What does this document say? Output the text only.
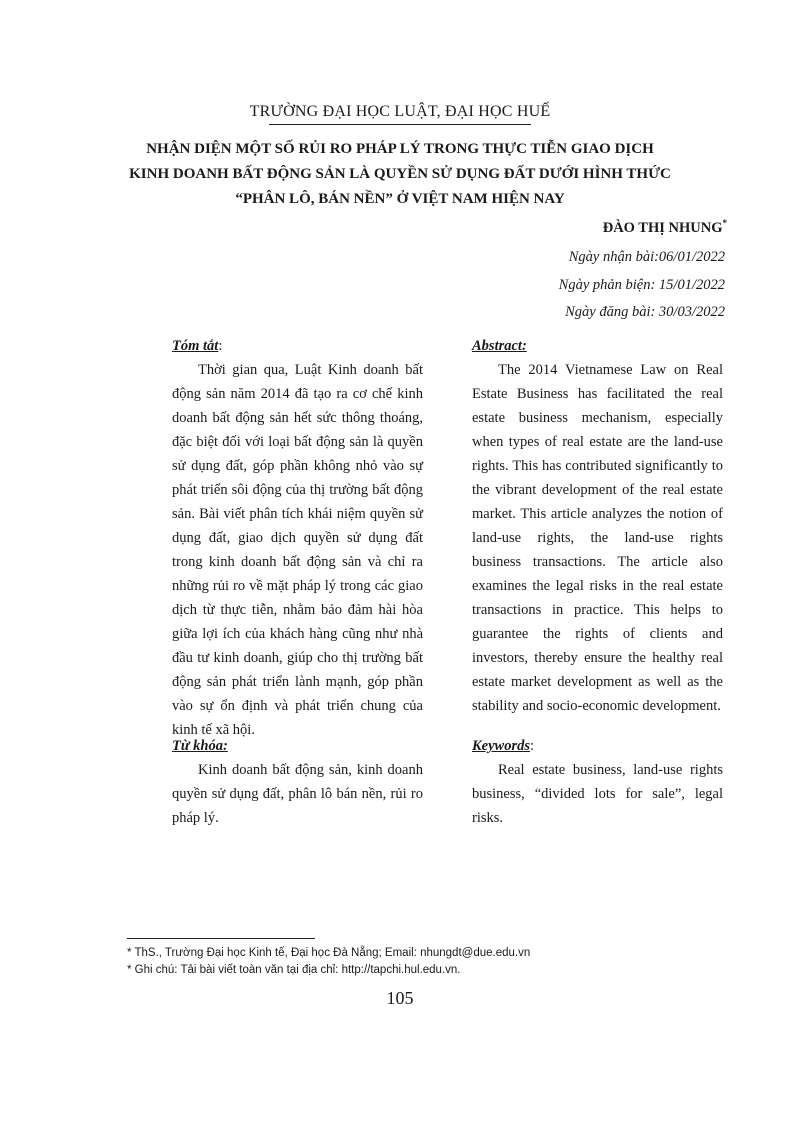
TRƯỜNG ĐẠI HỌC LUẬT, ĐẠI HỌC HUẾ
NHẬN DIỆN MỘT SỐ RỦI RO PHÁP LÝ TRONG THỰC TIỄN GIAO DỊCH
KINH DOANH BẤT ĐỘNG SẢN LÀ QUYỀN SỬ DỤNG ĐẤT DƯỚI HÌNH THỨC
“PHÂN LÔ, BÁN NỀN” Ở VIỆT NAM HIỆN NAY
ĐÀO THỊ NHUNG*
Ngày nhận bài:06/01/2022
Ngày phản biện: 15/01/2022
Ngày đăng bài: 30/03/2022
Tóm tắt:
Thời gian qua, Luật Kinh doanh bất động sản năm 2014 đã tạo ra cơ chế kinh doanh bất động sản hết sức thông thoáng, đặc biệt đối với loại bất động sản là quyền sử dụng đất, góp phần không nhỏ vào sự phát triển sôi động của thị trường bất động sản. Bài viết phân tích khái niệm quyền sử dụng đất, giao dịch quyền sử dụng đất trong kinh doanh bất động sản và chỉ ra những rủi ro về mặt pháp lý trong các giao dịch từ thực tiễn, nhằm bảo đảm hài hòa giữa lợi ích của khách hàng cũng như nhà đầu tư kinh doanh, giúp cho thị trường bất động sản phát triển lành mạnh, góp phần vào sự ổn định và phát triển chung của kinh tế xã hội.
Abstract:
The 2014 Vietnamese Law on Real Estate Business has facilitated the real estate business mechanism, especially when types of real estate are the land-use rights. This has contributed significantly to the vibrant development of the real estate market. This article analyzes the notion of land-use rights, the land-use rights business transactions. The article also examines the legal risks in the real estate transactions in practice. This helps to guarantee the rights of clients and investors, thereby ensure the healthy real estate market development as well as the stability and socio-economic development.
Từ khóa:
Kinh doanh bất động sản, kinh doanh quyền sử dụng đất, phân lô bán nền, rủi ro pháp lý.
Keywords:
Real estate business, land-use rights business, “divided lots for sale”, legal risks.
* ThS., Trường Đại học Kinh tế, Đại học Đà Nẵng; Email: nhungdt@due.edu.vn
* Ghi chú: Tải bài viết toàn văn tại địa chỉ: http://tapchi.hul.edu.vn.
105
